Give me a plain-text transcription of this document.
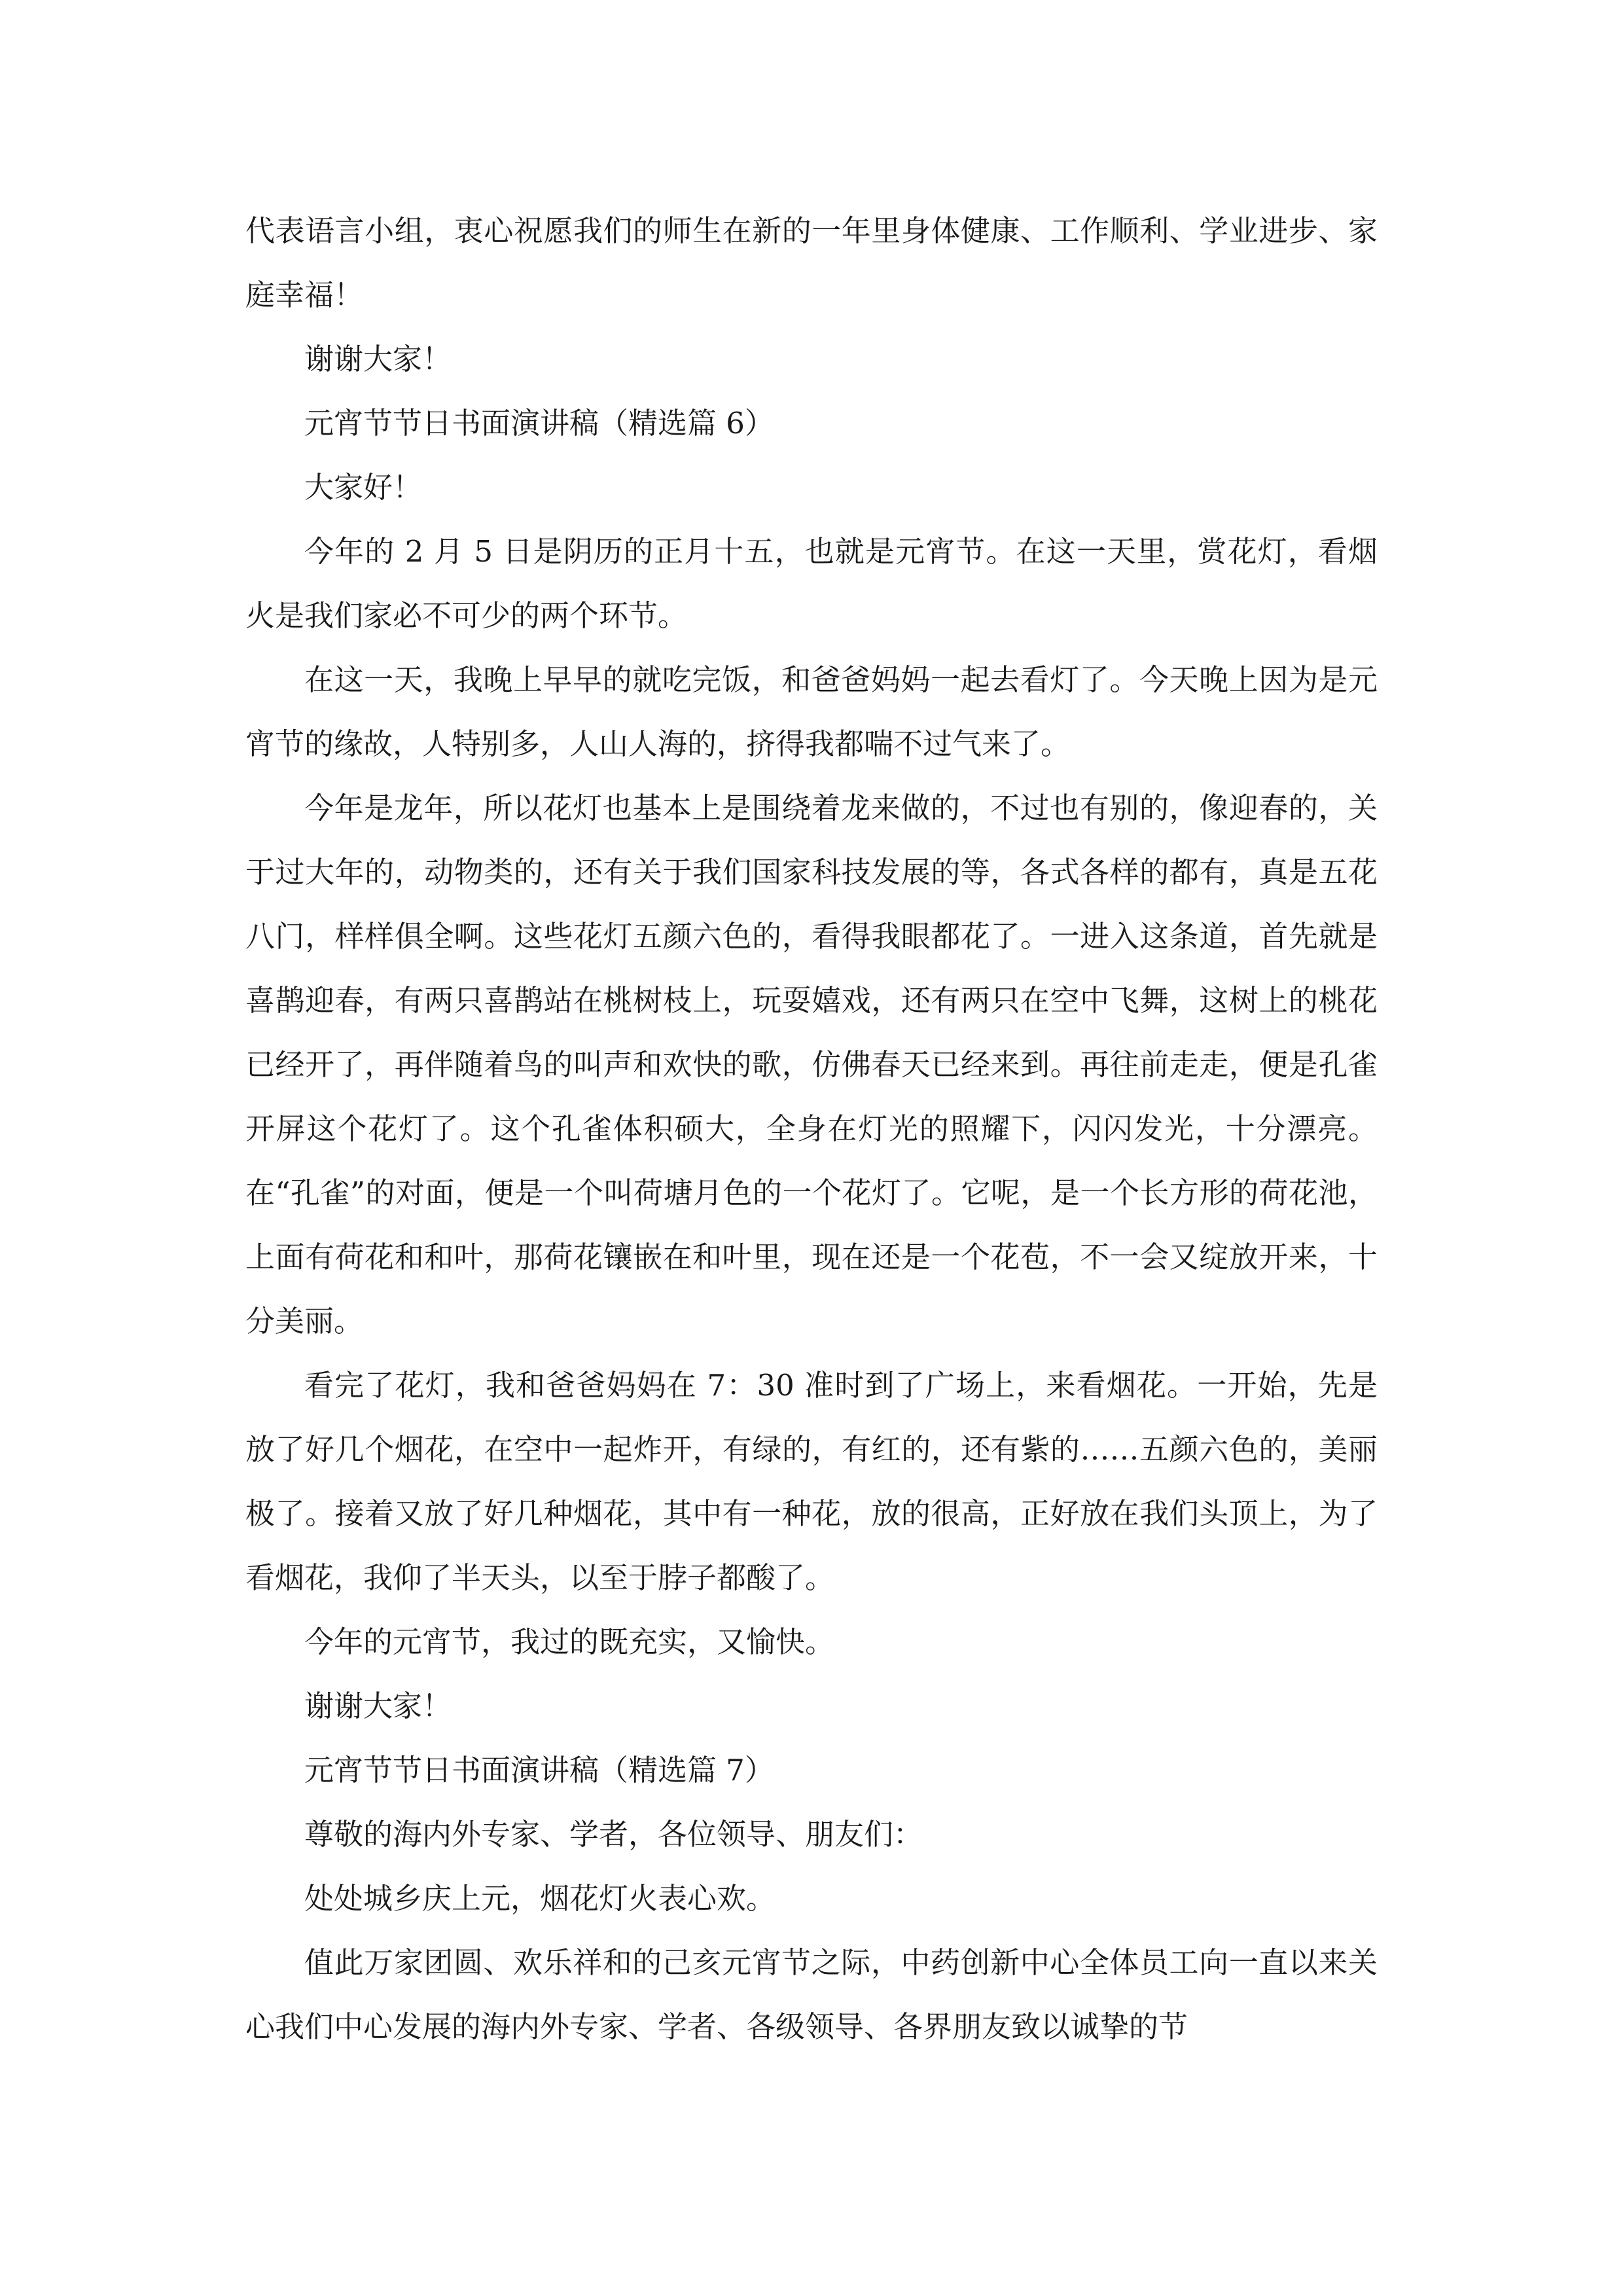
代表语言小组，衷心祝愿我们的师生在新的一年里身体健康、工作顺利、学业进步、家庭幸福！

谢谢大家！

元宵节节日书面演讲稿（精选篇 6）

大家好！

今年的 2 月 5 日是阴历的正月十五，也就是元宵节。在这一天里，赏花灯，看烟火是我们家必不可少的两个环节。

在这一天，我晚上早早的就吃完饭，和爸爸妈妈一起去看灯了。今天晚上因为是元宵节的缘故，人特别多，人山人海的，挤得我都喘不过气来了。

今年是龙年，所以花灯也基本上是围绕着龙来做的，不过也有别的，像迎春的，关于过大年的，动物类的，还有关于我们国家科技发展的等，各式各样的都有，真是五花八门，样样俱全啊。这些花灯五颜六色的，看得我眼都花了。一进入这条道，首先就是喜鹊迎春，有两只喜鹊站在桃树枝上，玩耍嬉戏，还有两只在空中飞舞，这树上的桃花已经开了，再伴随着鸟的叫声和欢快的歌，仿佛春天已经来到。再往前走走，便是孔雀开屏这个花灯了。这个孔雀体积硕大，全身在灯光的照耀下，闪闪发光，十分漂亮。在“孔雀”的对面，便是一个叫荷塘月色的一个花灯了。它呢，是一个长方形的荷花池，上面有荷花和和叶，那荷花镶嵌在和叶里，现在还是一个花苞，不一会又绽放开来，十分美丽。

看完了花灯，我和爸爸妈妈在 7：30 准时到了广场上，来看烟花。一开始，先是放了好几个烟花，在空中一起炸开，有绿的，有红的，还有紫的……五颜六色的，美丽极了。接着又放了好几种烟花，其中有一种花，放的很高，正好放在我们头顶上，为了看烟花，我仰了半天头，以至于脖子都酸了。

今年的元宵节，我过的既充实，又愉快。

谢谢大家！

元宵节节日书面演讲稿（精选篇 7）

尊敬的海内外专家、学者，各位领导、朋友们：

处处城乡庆上元，烟花灯火表心欢。

值此万家团圆、欢乐祥和的己亥元宵节之际，中药创新中心全体员工向一直以来关心我们中心发展的海内外专家、学者、各级领导、各界朋友致以诚挚的节
